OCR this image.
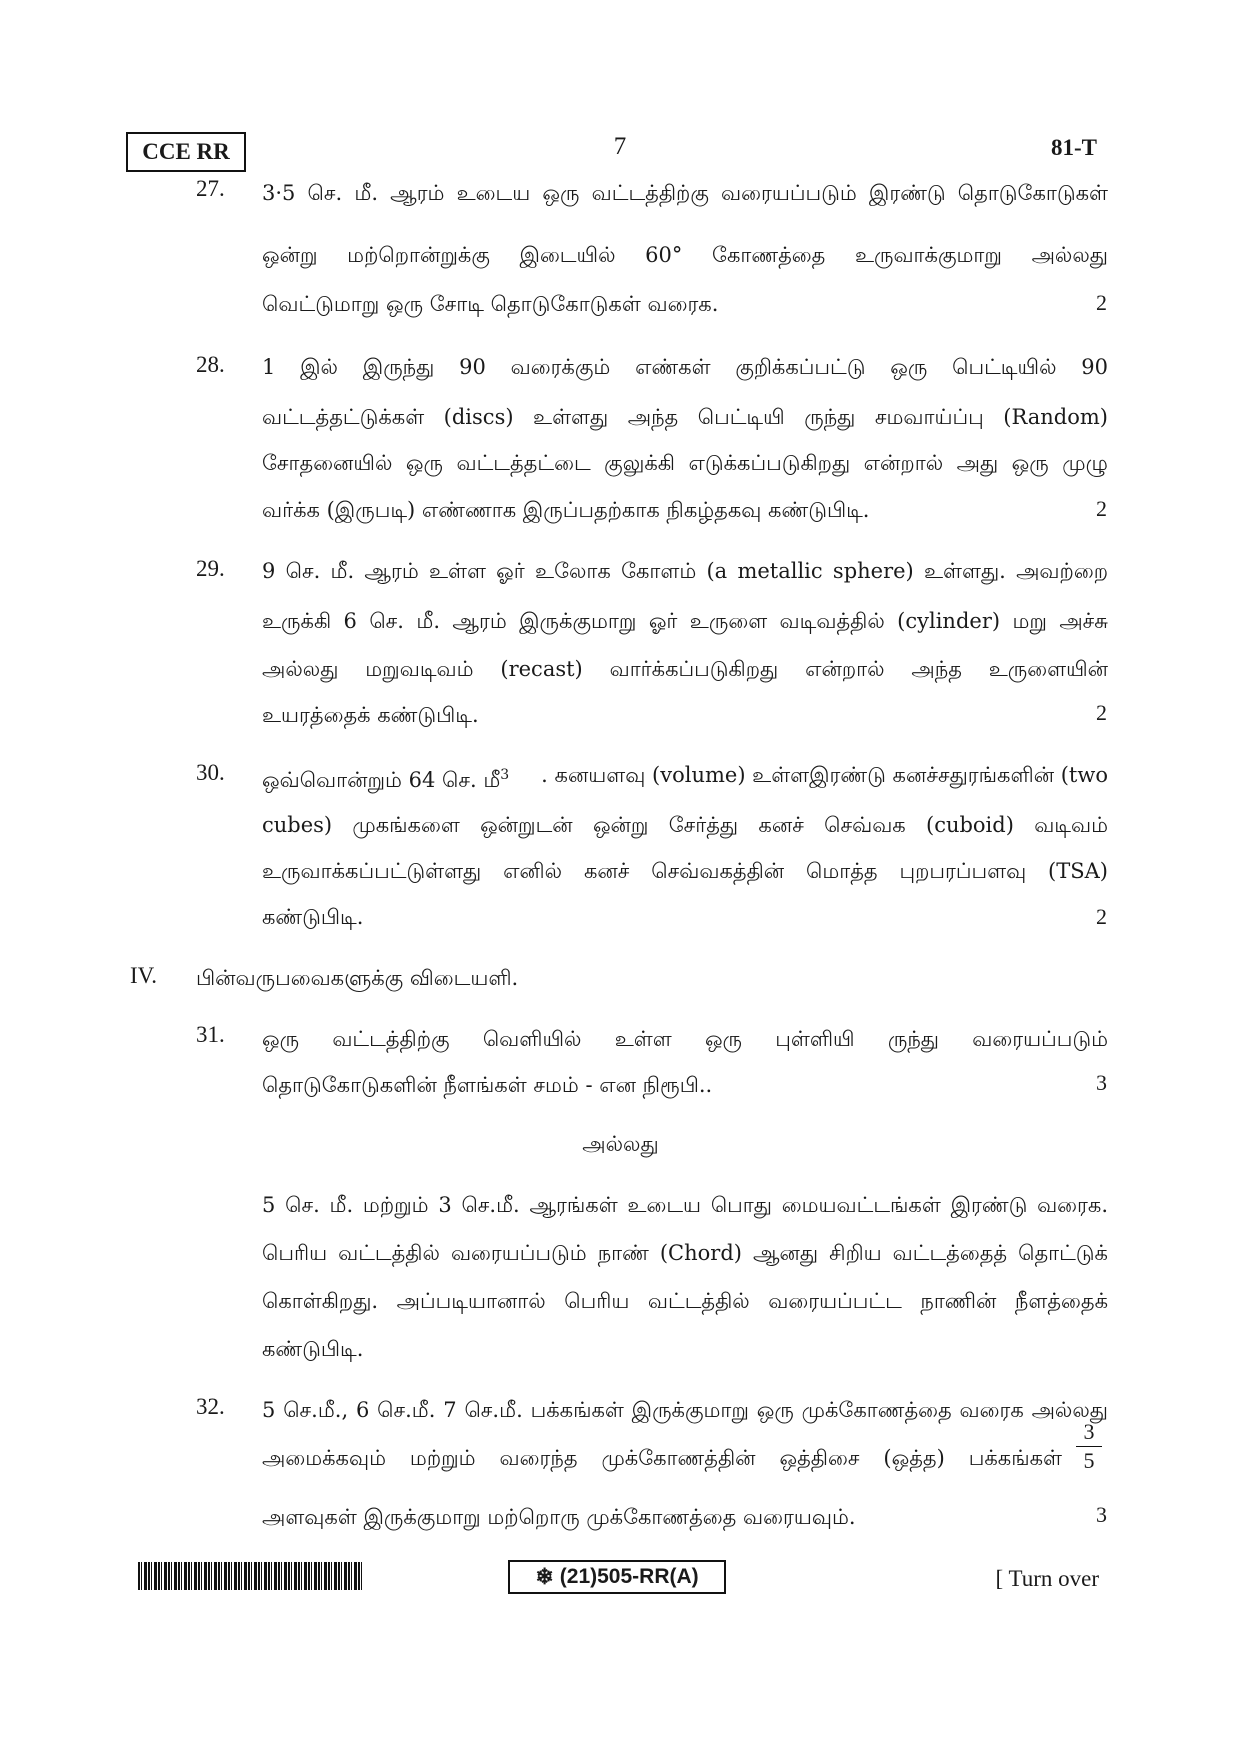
CCE RR	7	81-T
27. 3·5 செ. மீ. ஆரம் உடைய ஒரு வட்டத்திற்கு வரையப்படும் இரண்டு தொடுகோடுகள்
ஒன்று மற்றொன்றுக்கு இடையில் 60° கோணத்தை உருவாக்குமாறு அல்லது
வெட்டுமாறு ஒரு சோடி தொடுகோடுகள் வரைக.	2
28. 1 இல் இருந்து 90 வரைக்கும் எண்கள் குறிக்கப்பட்டு ஒரு பெட்டியில் 90
வட்டத்தட்டுக்கள் (discs) உள்ளது அந்த பெட்டியி ருந்து சமவாய்ப்பு (Random)
சோதனையில் ஒரு வட்டத்தட்டை குலுக்கி எடுக்கப்படுகிறது என்றால் அது ஒரு முழு
வர்க்க (இருபடி) எண்ணாக இருப்பதற்காக நிகழ்தகவு கண்டுபிடி.	2
29. 9 செ. மீ. ஆரம் உள்ள ஓர் உலோக கோளம் (a metallic sphere) உள்ளது. அவற்றை
உருக்கி 6 செ. மீ. ஆரம் இருக்குமாறு ஓர் உருளை வடிவத்தில் (cylinder) மறு அச்சு
அல்லது மறுவடிவம் (recast) வார்க்கப்படுகிறது என்றால் அந்த உருளையின்
உயரத்தைக் கண்டுபிடி.	2
30. ஒவ்வொன்றும் 64 செ. மீ$^3$ . கனயளவு (volume) உள்ளஇரண்டு கனச்சதுரங்களின் (two
cubes) முகங்களை ஒன்றுடன் ஒன்று சேர்த்து கனச் செவ்வக (cuboid) வடிவம்
உருவாக்கப்பட்டுள்ளது எனில் கனச் செவ்வகத்தின் மொத்த புறபரப்பளவு (TSA)
கண்டுபிடி.	2
IV. பின்வருபவைகளுக்கு விடையளி.
31. ஒரு வட்டத்திற்கு வெளியில் உள்ள ஒரு புள்ளியி ருந்து வரையப்படும்
தொடுகோடுகளின் நீளங்கள் சமம் - என நிரூபி..	3
அல்லது
5 செ. மீ. மற்றும் 3 செ.மீ. ஆரங்கள் உடைய பொது மையவட்டங்கள் இரண்டு வரைக.
பெரிய வட்டத்தில் வரையப்படும் நாண் (Chord) ஆனது சிறிய வட்டத்தைத் தொட்டுக்
கொள்கிறது. அப்படியானால் பெரிய வட்டத்தில் வரையப்பட்ட நாணின் நீளத்தைக்
கண்டுபிடி.
32. 5 செ.மீ., 6 செ.மீ. 7 செ.மீ. பக்கங்கள் இருக்குமாறு ஒரு முக்கோணத்தை வரைக அல்லது
அமைக்கவும் மற்றும் வரைந்த முக்கோணத்தின் ஒத்திசை (ஒத்த) பக்கங்கள்
3
5
அளவுகள் இருக்குமாறு மற்றொரு முக்கோணத்தை வரையவும்.	3
❄ (21)505-RR(A)	[ Turn over
